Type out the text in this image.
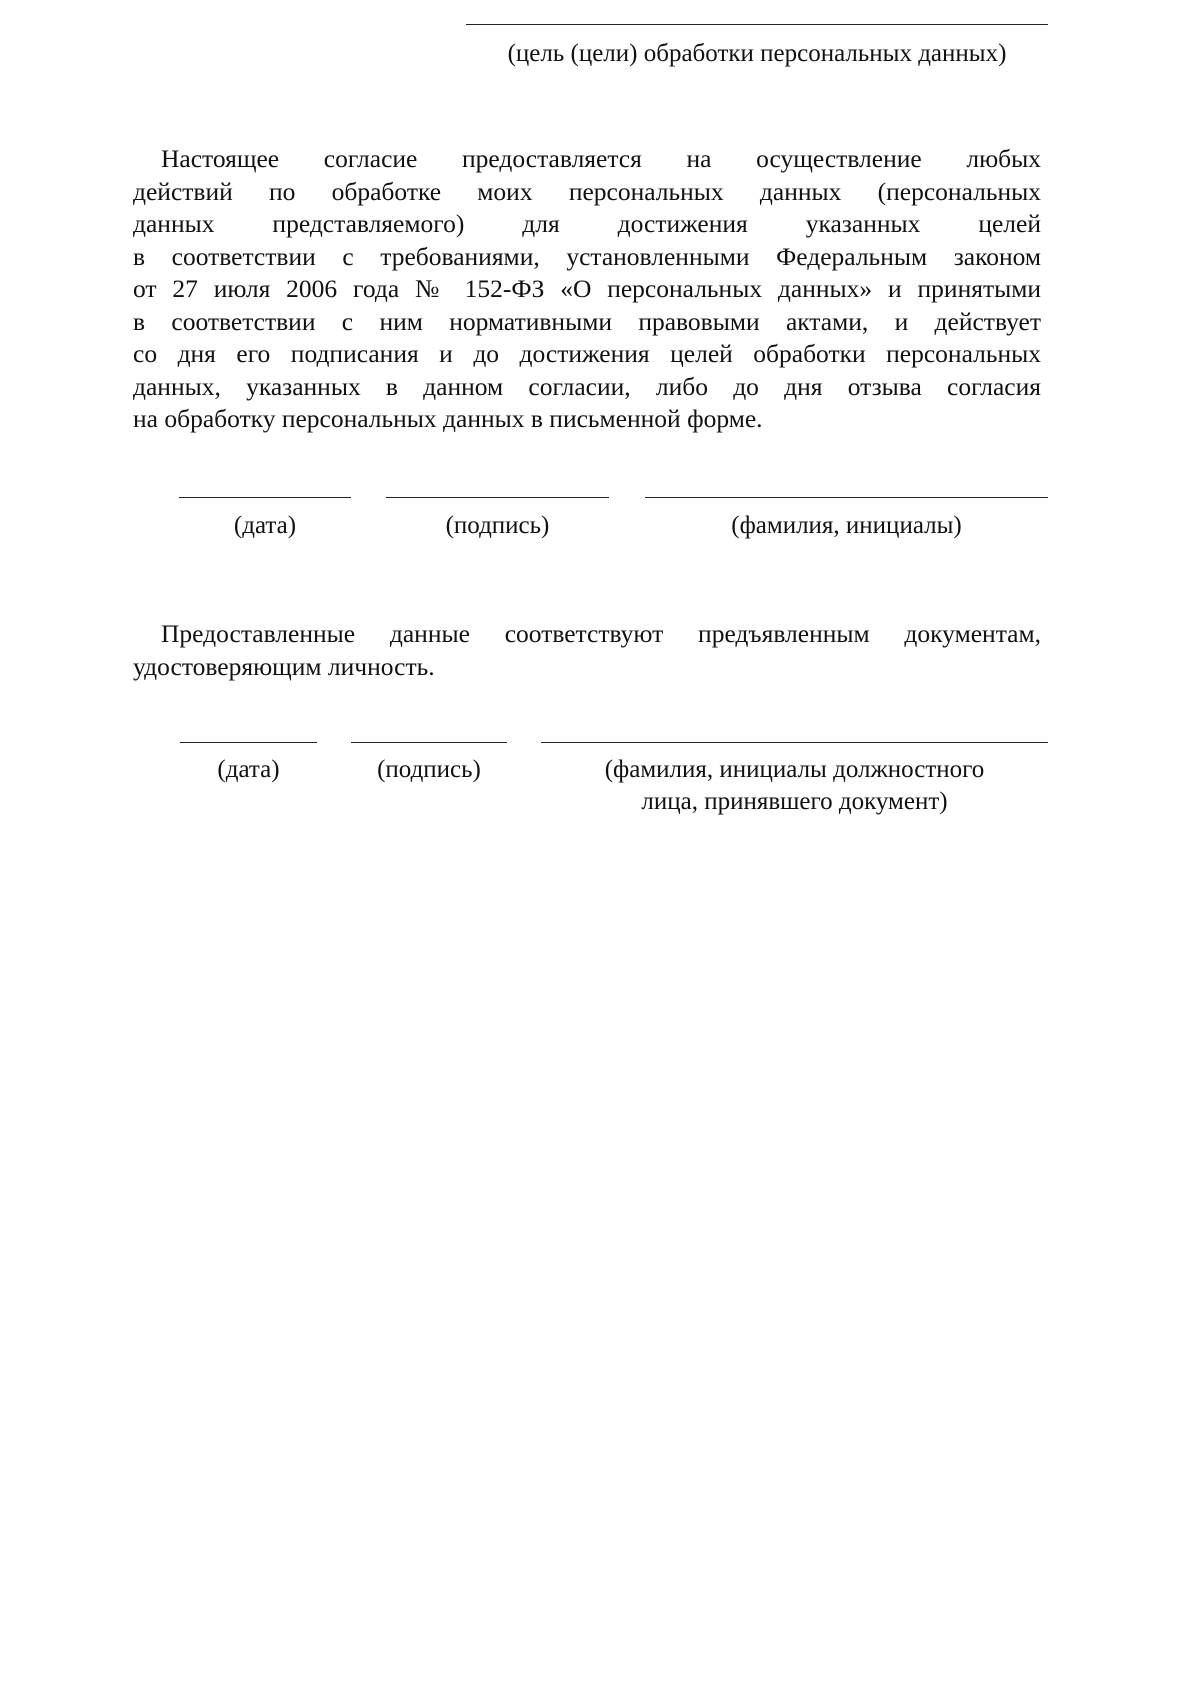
(цель (цели) обработки персональных данных)
Настоящее согласие предоставляется на осуществление любых
действий по обработке моих персональных данных (персональных
данных представляемого) для достижения указанных целей
в соответствии с требованиями, установленными Федеральным законом
от 27 июля 2006 года № 152-ФЗ «О персональных данных» и принятыми
в соответствии с ним нормативными правовыми актами, и действует
со дня его подписания и до достижения целей обработки персональных
данных, указанных в данном согласии, либо до дня отзыва согласия
на обработку персональных данных в письменной форме.
(дата)	(подпись)	(фамилия, инициалы)
Предоставленные данные соответствуют предъявленным документам,
удостоверяющим личность.
(дата)	(подпись)	(фамилия, инициалы должностного
лица, принявшего документ)
